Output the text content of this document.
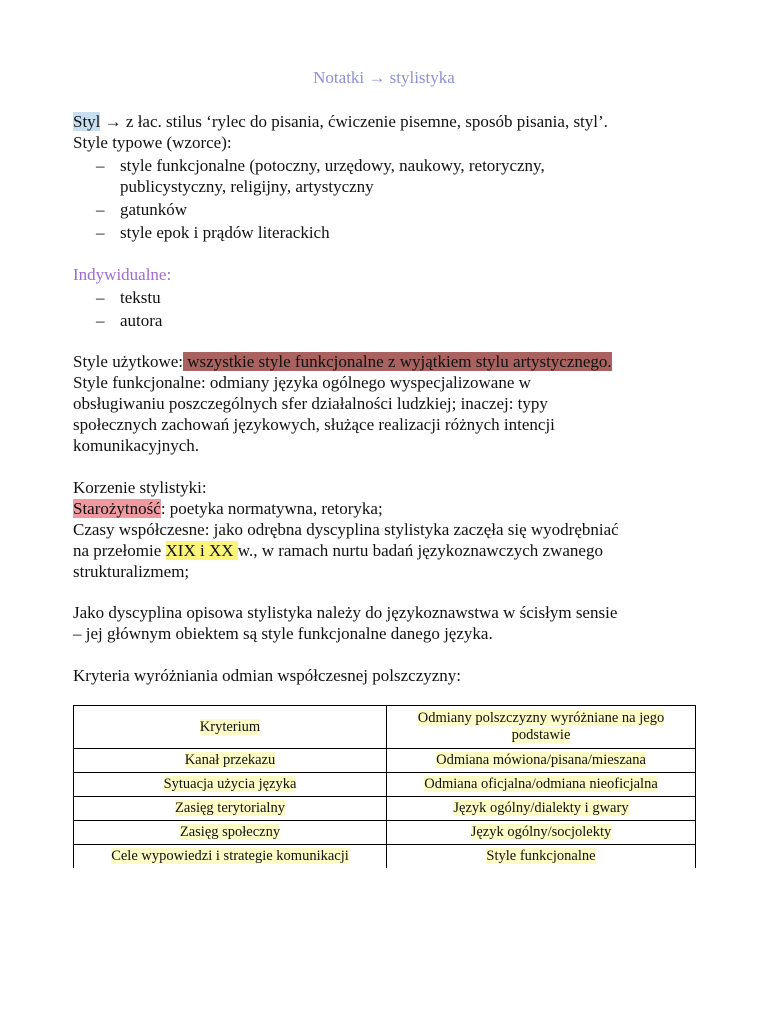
Notatki → stylistyka
Styl → z łac. stilus ‘rylec do pisania, ćwiczenie pisemne, sposób pisania, styl’.
Style typowe (wzorce):
– style funkcjonalne (potoczny, urzędowy, naukowy, retoryczny,
publicystyczny, religijny, artystyczny
– gatunków
– style epok i prądów literackich
Indywidualne:
– tekstu
– autora
Style użytkowe: wszystkie style funkcjonalne z wyjątkiem stylu artystycznego.
Style funkcjonalne: odmiany języka ogólnego wyspecjalizowane w
obsługiwaniu poszczególnych sfer działalności ludzkiej; inaczej: typy
społecznych zachowań językowych, służące realizacji różnych intencji
komunikacyjnych.
Korzenie stylistyki:
Starożytność: poetyka normatywna, retoryka;
Czasy współczesne: jako odrębna dyscyplina stylistyka zaczęła się wyodrębniać
na przełomie XIX i XX w., w ramach nurtu badań językoznawczych zwanego
strukturalizmem;
Jako dyscyplina opisowa stylistyka należy do językoznawstwa w ścisłym sensie
– jej głównym obiektem są style funkcjonalne danego języka.
Kryteria wyróżniania odmian współczesnej polszczyzny:
Kryterium	Odmiany polszczyzny wyróżniane na jego podstawie
Kanał przekazu	Odmiana mówiona/pisana/mieszana
Sytuacja użycia języka	Odmiana oficjalna/odmiana nieoficjalna
Zasięg terytorialny	Język ogólny/dialekty i gwary
Zasięg społeczny	Język ogólny/socjolekty
Cele wypowiedzi i strategie komunikacji	Style funkcjonalne
